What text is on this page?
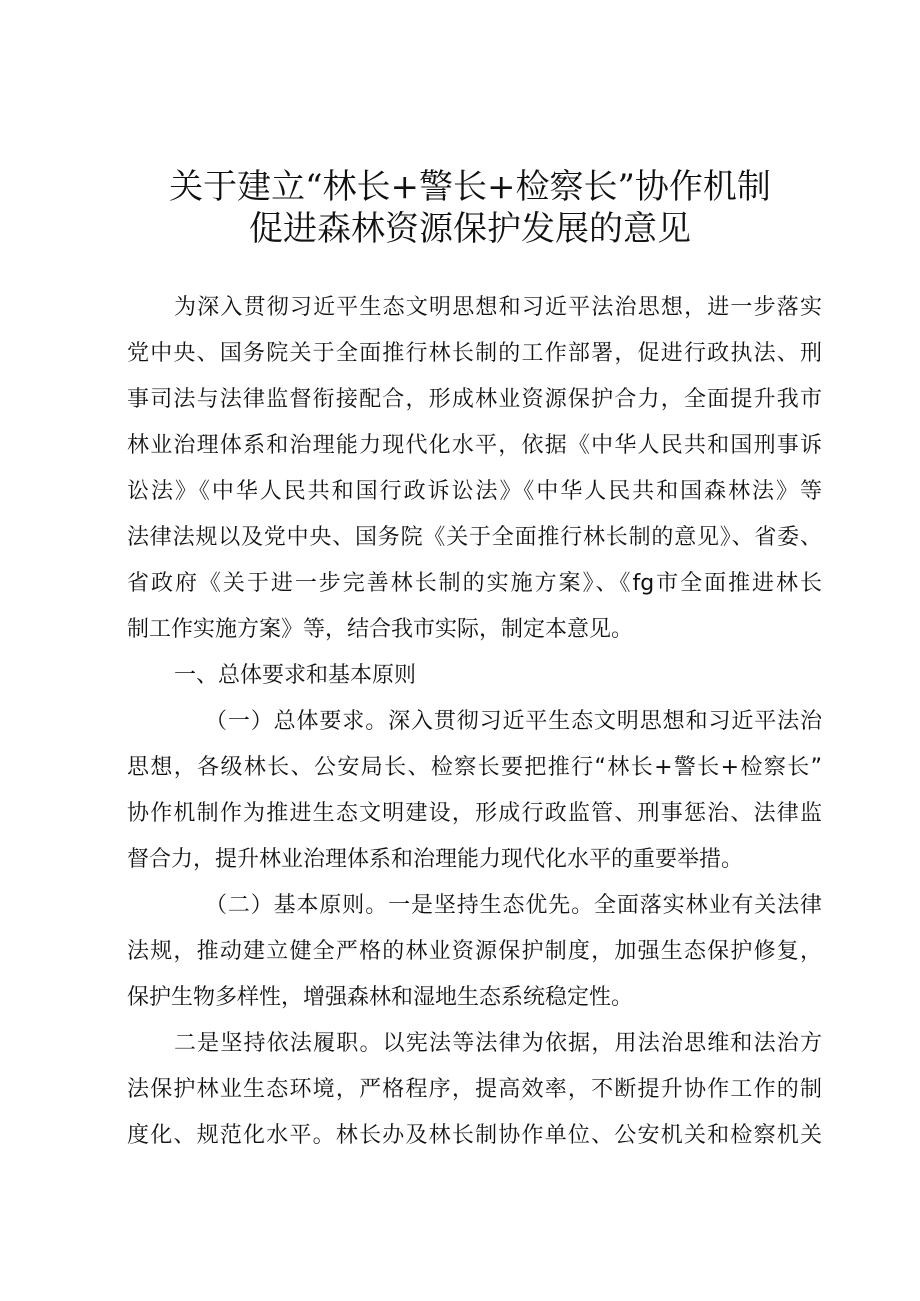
关于建立“林长+警长+检察长”协作机制
促进森林资源保护发展的意见
为深入贯彻习近平生态文明思想和习近平法治思想，进一步落实
党中央、国务院关于全面推行林长制的工作部署，促进行政执法、刑
事司法与法律监督衔接配合，形成林业资源保护合力，全面提升我市
林业治理体系和治理能力现代化水平，依据《中华人民共和国刑事诉
讼法》《中华人民共和国行政诉讼法》《中华人民共和国森林法》等
法律法规以及党中央、国务院《关于全面推行林长制的意见》、省委、
省政府《关于进一步完善林长制的实施方案》、《fg市全面推进林长
制工作实施方案》等，结合我市实际，制定本意见。
一、总体要求和基本原则
（一）总体要求。深入贯彻习近平生态文明思想和习近平法治
思想，各级林长、公安局长、检察长要把推行“林长+警长+检察长”
协作机制作为推进生态文明建设，形成行政监管、刑事惩治、法律监
督合力，提升林业治理体系和治理能力现代化水平的重要举措。
（二）基本原则。一是坚持生态优先。全面落实林业有关法律
法规，推动建立健全严格的林业资源保护制度，加强生态保护修复，
保护生物多样性，增强森林和湿地生态系统稳定性。
二是坚持依法履职。以宪法等法律为依据，用法治思维和法治方
法保护林业生态环境，严格程序，提高效率，不断提升协作工作的制
度化、规范化水平。林长办及林长制协作单位、公安机关和检察机关
